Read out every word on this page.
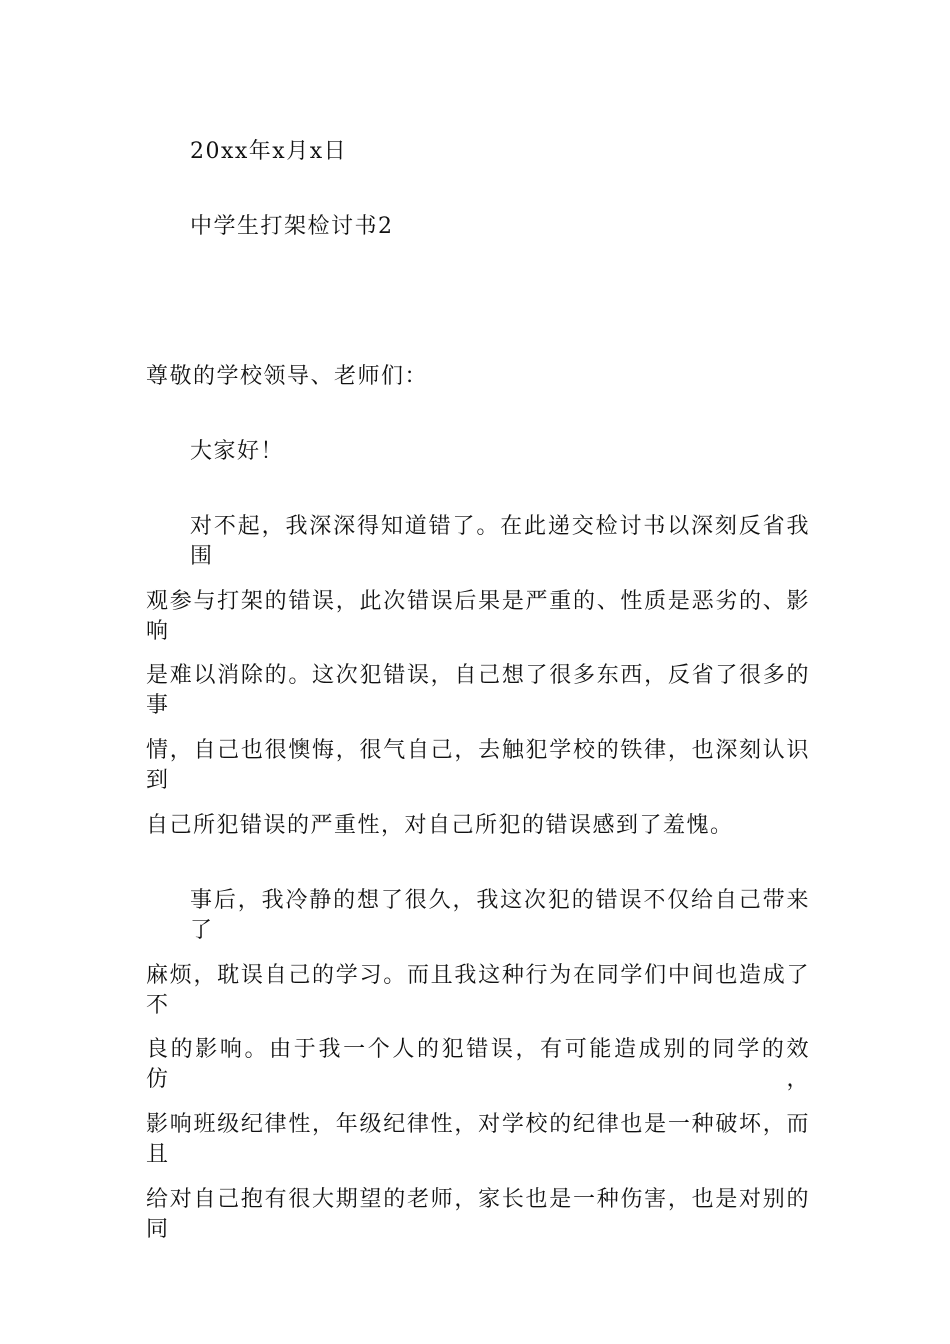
20xx年x月x日
中学生打架检讨书2
尊敬的学校领导、老师们：
大家好！
对不起，我深深得知道错了。在此递交检讨书以深刻反省我围
观参与打架的错误，此次错误后果是严重的、性质是恶劣的、影响
是难以消除的。这次犯错误，自己想了很多东西，反省了很多的事
情，自己也很懊悔，很气自己，去触犯学校的铁律，也深刻认识到
自己所犯错误的严重性，对自己所犯的错误感到了羞愧。
事后，我冷静的想了很久，我这次犯的错误不仅给自己带来了
麻烦，耽误自己的学习。而且我这种行为在同学们中间也造成了不
良的影响。由于我一个人的犯错误，有可能造成别的同学的效仿，
影响班级纪律性，年级纪律性，对学校的纪律也是一种破坏，而且
给对自己抱有很大期望的老师，家长也是一种伤害，也是对别的同
